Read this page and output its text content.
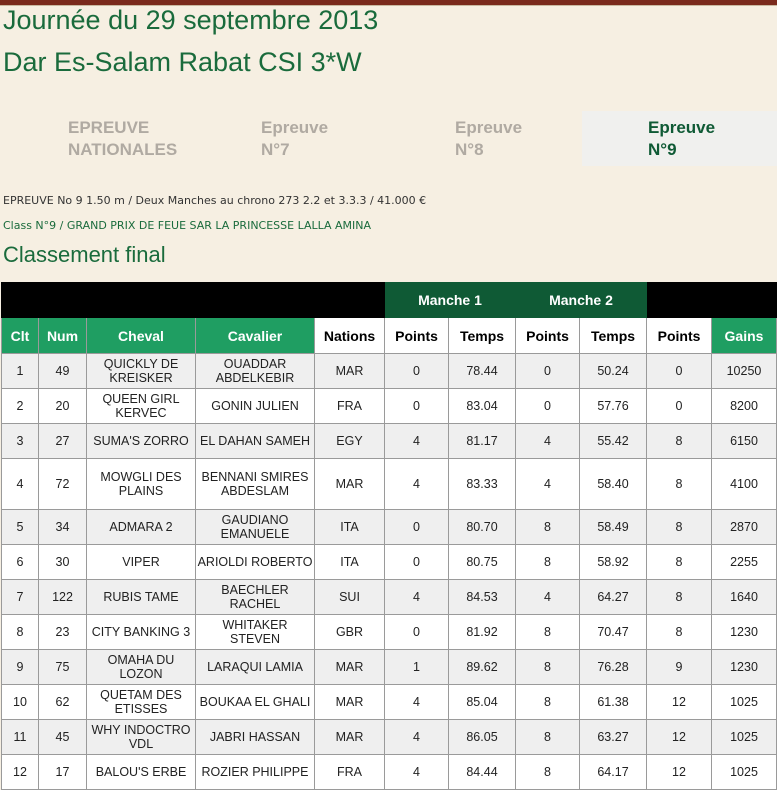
Journée du 29 septembre 2013
Dar Es-Salam Rabat CSI 3*W
EPREUVE
NATIONALES
Epreuve
N°7
Epreuve
N°8
Epreuve
N°9
EPREUVE No 9 1.50 m / Deux Manches au chrono 273 2.2 et 3.3.3 / 41.000 €
Class N°9 / GRAND PRIX DE FEUE SAR LA PRINCESSE LALLA AMINA
Classement final
					Manche 1		Manche 2			
Clt	Num	Cheval	Cavalier	Nations	Points	Temps	Points	Temps	Points	Gains
1	49	QUICKLY DE KREISKER	OUADDAR ABDELKEBIR	MAR	0	78.44	0	50.24	0	10250
2	20	QUEEN GIRL KERVEC	GONIN JULIEN	FRA	0	83.04	0	57.76	0	8200
3	27	SUMA'S ZORRO	EL DAHAN SAMEH	EGY	4	81.17	4	55.42	8	6150
4	72	MOWGLI DES PLAINS	BENNANI SMIRES ABDESLAM	MAR	4	83.33	4	58.40	8	4100
5	34	ADMARA 2	GAUDIANO EMANUELE	ITA	0	80.70	8	58.49	8	2870
6	30	VIPER	ARIOLDI ROBERTO	ITA	0	80.75	8	58.92	8	2255
7	122	RUBIS TAME	BAECHLER RACHEL	SUI	4	84.53	4	64.27	8	1640
8	23	CITY BANKING 3	WHITAKER STEVEN	GBR	0	81.92	8	70.47	8	1230
9	75	OMAHA DU LOZON	LARAQUI LAMIA	MAR	1	89.62	8	76.28	9	1230
10	62	QUETAM DES ETISSES	BOUKAA EL GHALI	MAR	4	85.04	8	61.38	12	1025
11	45	WHY INDOCTRO VDL	JABRI HASSAN	MAR	4	86.05	8	63.27	12	1025
12	17	BALOU'S ERBE	ROZIER PHILIPPE	FRA	4	84.44	8	64.17	12	1025
